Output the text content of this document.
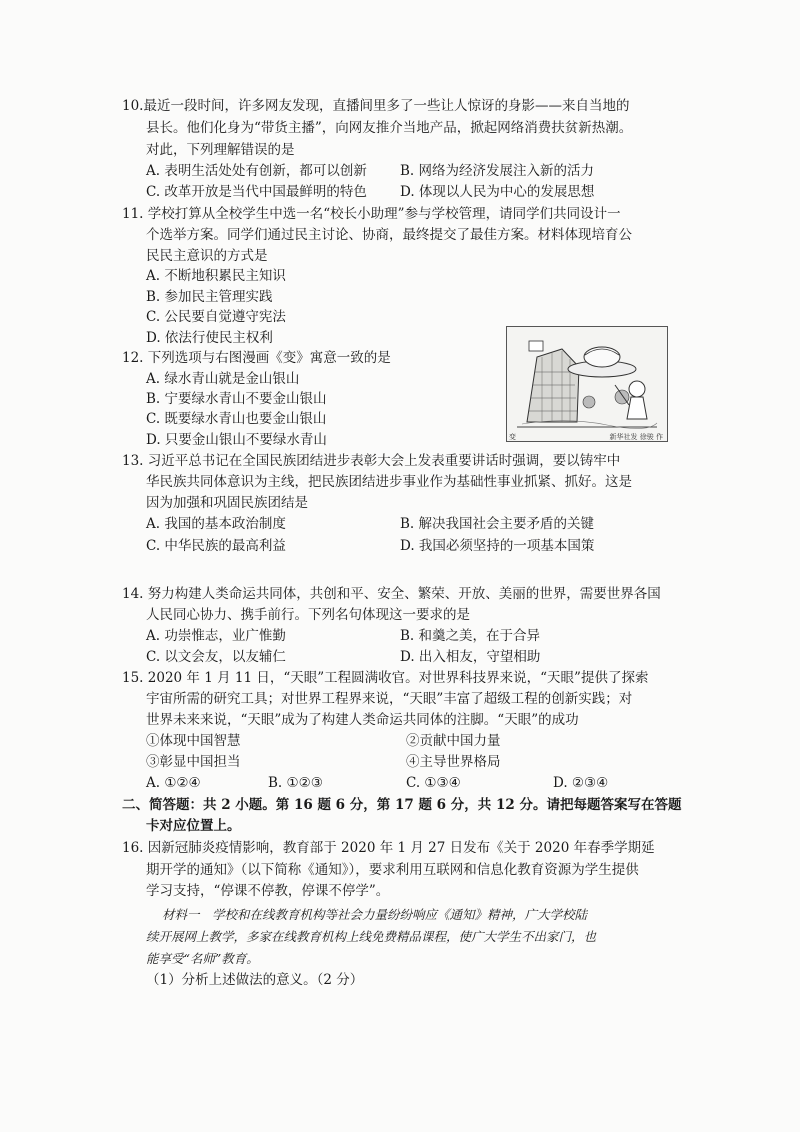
10.最近一段时间，许多网友发现，直播间里多了一些让人惊讶的身影——来自当地的
县长。他们化身为“带货主播”，向网友推介当地产品，掀起网络消费扶贫新热潮。
对此，下列理解错误的是
A. 表明生活处处有创新，都可以创新 B. 网络为经济发展注入新的活力
C. 改革开放是当代中国最鲜明的特色 D. 体现以人民为中心的发展思想
11. 学校打算从全校学生中选一名“校长小助理”参与学校管理，请同学们共同设计一
个选举方案。同学们通过民主讨论、协商，最终提交了最佳方案。材料体现培育公
民民主意识的方式是
A. 不断地积累民主知识
B. 参加民主管理实践
C. 公民要自觉遵守宪法
D. 依法行使民主权利
12. 下列选项与右图漫画《变》寓意一致的是
A. 绿水青山就是金山银山
B. 宁要绿水青山不要金山银山
C. 既要绿水青山也要金山银山
D. 只要金山银山不要绿水青山	变	新华社发 徐骏 作
13. 习近平总书记在全国民族团结进步表彰大会上发表重要讲话时强调，要以铸牢中
华民族共同体意识为主线，把民族团结进步事业作为基础性事业抓紧、抓好。这是
因为加强和巩固民族团结是
A. 我国的基本政治制度	B. 解决我国社会主要矛盾的关键
C. 中华民族的最高利益	D. 我国必须坚持的一项基本国策
14. 努力构建人类命运共同体，共创和平、安全、繁荣、开放、美丽的世界，需要世界各国
人民同心协力、携手前行。下列名句体现这一要求的是
A. 功崇惟志，业广惟勤	B. 和羹之美，在于合异
C. 以文会友，以友辅仁	D. 出入相友，守望相助
15. 2020 年 1 月 11 日，“天眼”工程圆满收官。对世界科技界来说，“天眼”提供了探索
宇宙所需的研究工具；对世界工程界来说，“天眼”丰富了超级工程的创新实践；对
世界未来来说，“天眼”成为了构建人类命运共同体的注脚。“天眼”的成功
①体现中国智慧	②贡献中国力量
③彰显中国担当	④主导世界格局
A. ①②④	B. ①②③	C. ①③④	D. ②③④
二、简答题：共 2 小题。第 16 题 6 分，第 17 题 6 分，共 12 分。请把每题答案写在答题
卡对应位置上。
16. 因新冠肺炎疫情影响，教育部于 2020 年 1 月 27 日发布《关于 2020 年春季学期延
期开学的通知》（以下简称《通知》），要求利用互联网和信息化教育资源为学生提供
学习支持，“停课不停教，停课不停学”。
材料一　学校和在线教育机构等社会力量纷纷响应《通知》精神，广大学校陆
续开展网上教学，多家在线教育机构上线免费精品课程，使广大学生不出家门，也
能享受“名师”教育。
（1）分析上述做法的意义。（2 分）
